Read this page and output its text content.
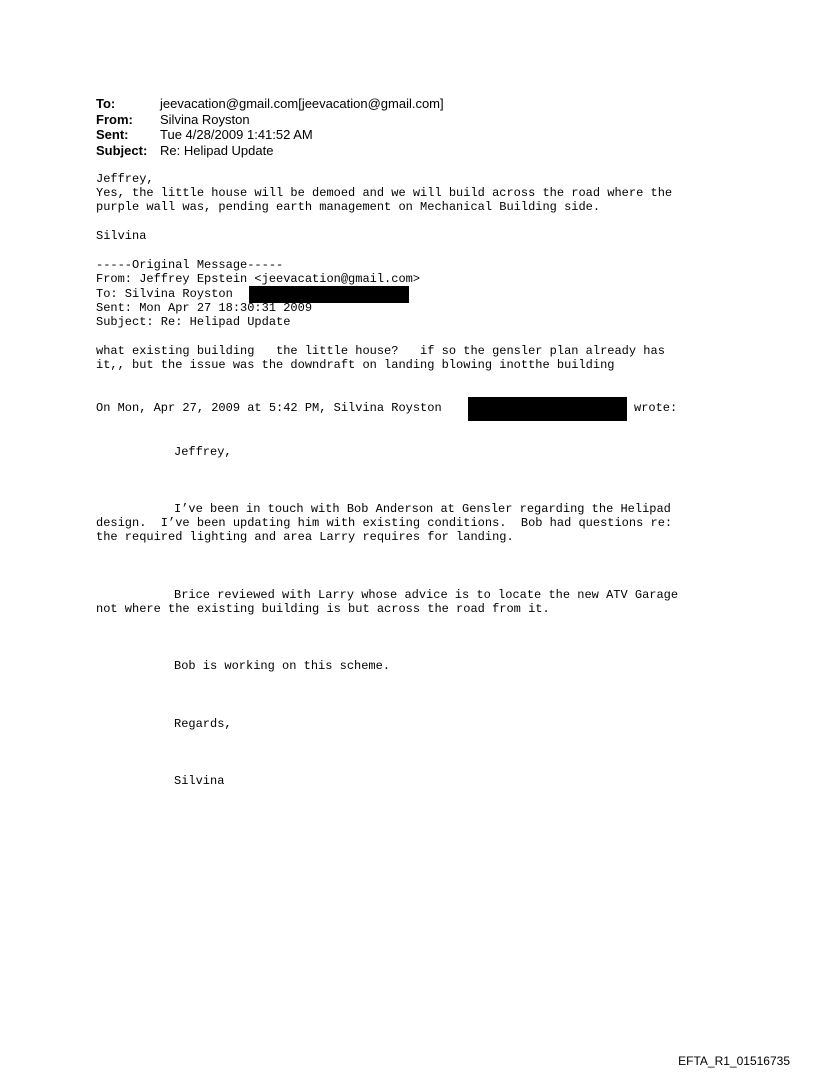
To:	jeevacation@gmail.com[jeevacation@gmail.com]
From:	Silvina Royston
Sent:	Tue 4/28/2009 1:41:52 AM
Subject: Re: Helipad Update
Jeffrey,
Yes, the little house will be demoed and we will build across the road where the
purple wall was, pending earth management on Mechanical Building side.
Silvina
-----Original Message-----
From: Jeffrey Epstein <jeevacation@gmail.com>
To: Silvina Royston
Sent: Mon Apr 27 18:30:31 2009
Subject: Re: Helipad Update
what existing building   the little house?   if so the gensler plan already has
it,, but the issue was the downdraft on landing blowing inotthe building
On Mon, Apr 27, 2009 at 5:42 PM, Silvina Royston	wrote:
Jeffrey,
I’ve been in touch with Bob Anderson at Gensler regarding the Helipad
design.  I’ve been updating him with existing conditions.  Bob had questions re:
the required lighting and area Larry requires for landing.
Brice reviewed with Larry whose advice is to locate the new ATV Garage
not where the existing building is but across the road from it.
Bob is working on this scheme.
Regards,
Silvina
EFTA_R1_01516735
